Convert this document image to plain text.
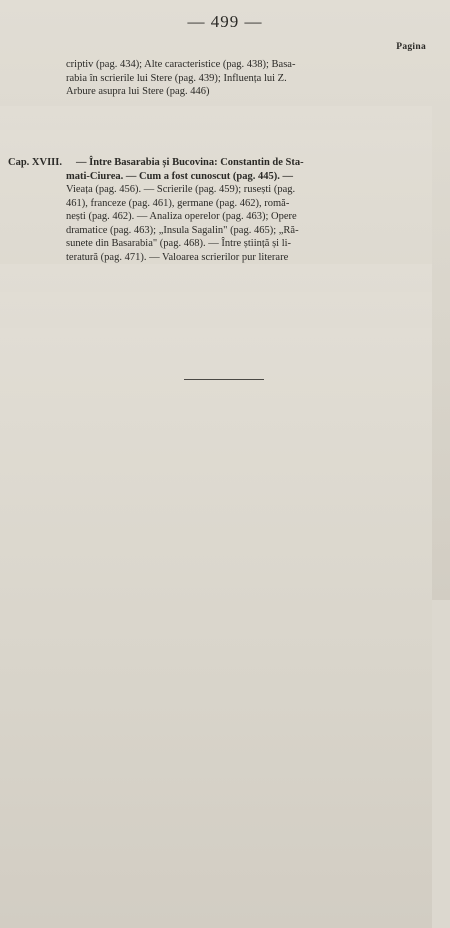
— 499 —
Pagina
criptiv (pag. 434); Alte caracteristice (pag. 438); Basa-
rabia în scrierile lui Stere (pag. 439); Influența lui Z.
Arbure asupra lui Stere (pag. 446)
Cap. XVIII. — Între Basarabia și Bucovina: Constantin de Sta-
mati-Ciurea. — Cum a fost cunoscut (pag. 445). —
Vieața (pag. 456). — Scrierile (pag. 459); rusești (pag.
461), franceze (pag. 461), germane (pag. 462), romă-
nești (pag. 462). — Analiza operelor (pag. 463); Opere
dramatice (pag. 463); „Insula Sagalin" (pag. 465); „Ră-
sunete din Basarabia" (pag. 468). — Între știință și li-
teratură (pag. 471). — Valoarea scrierilor pur literare
